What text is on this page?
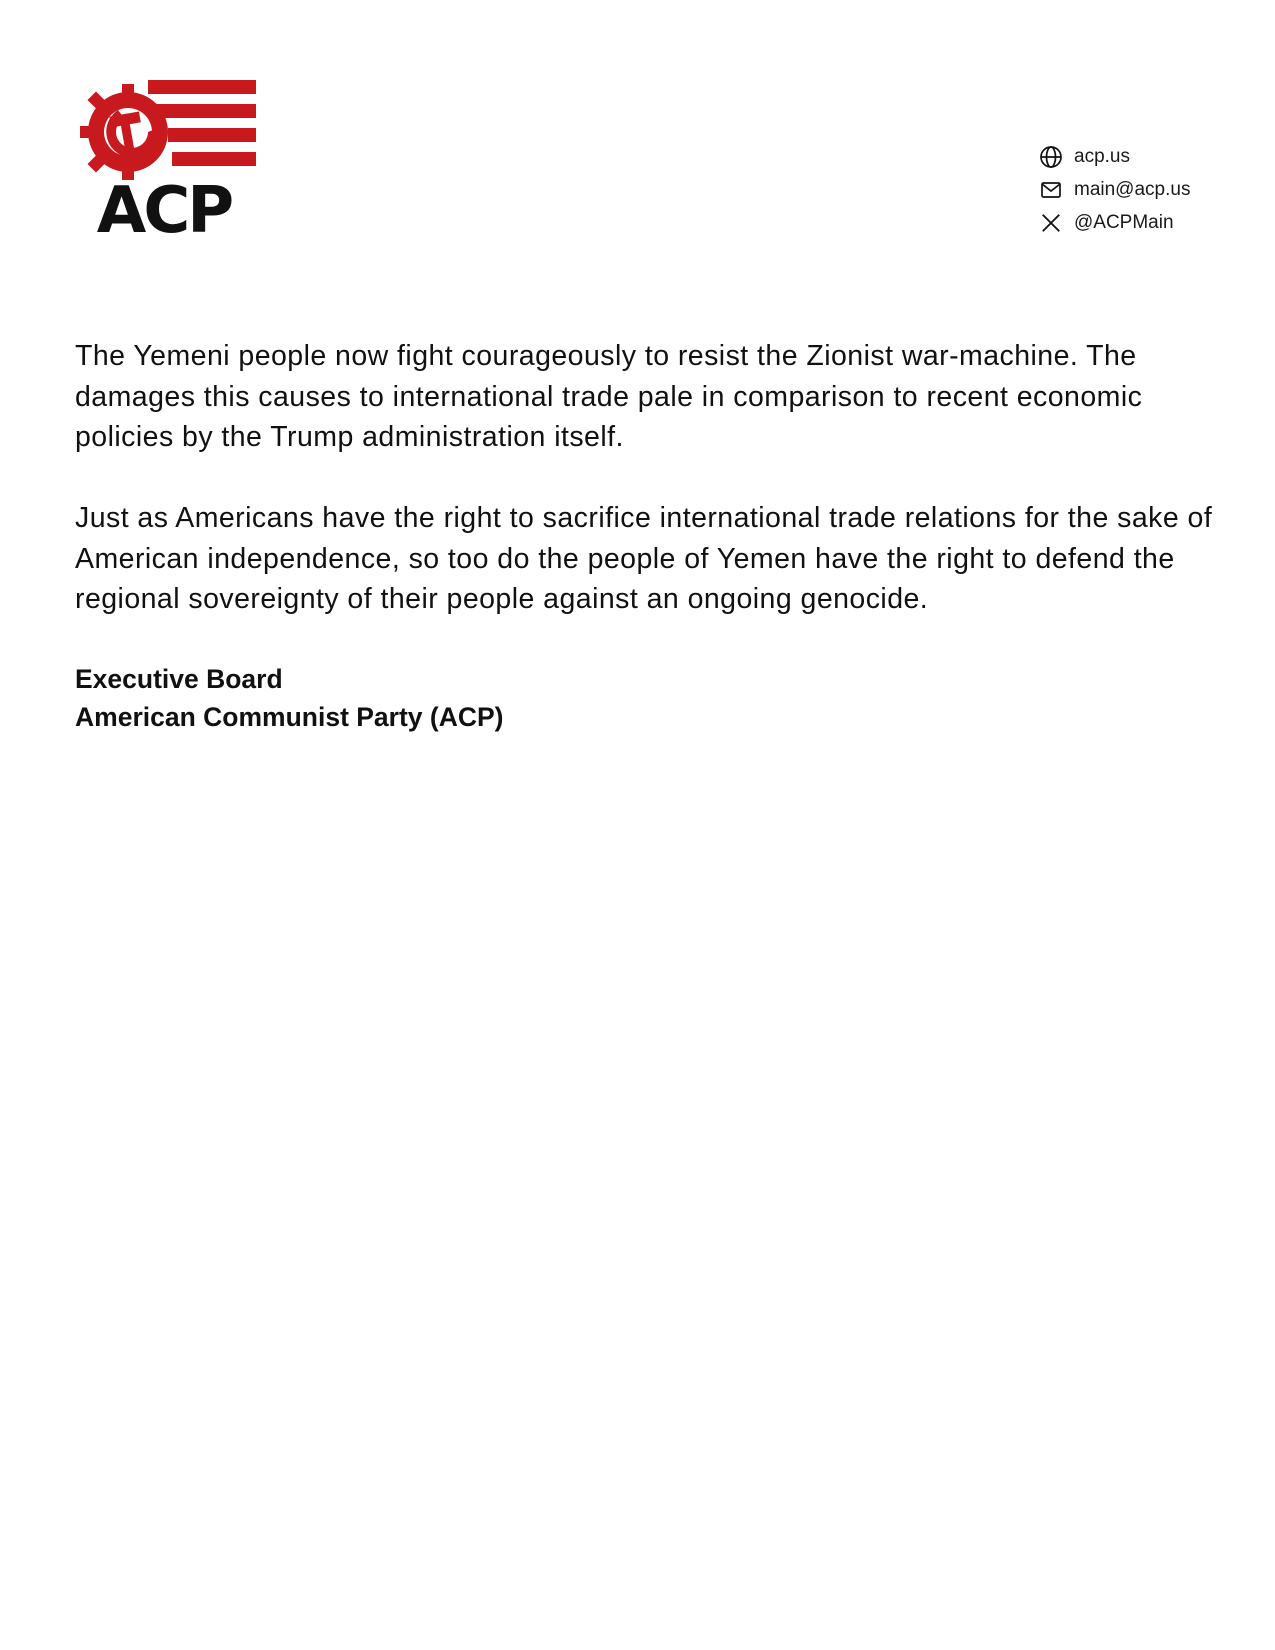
ACP
acp.us
main@acp.us
@ACPMain

The Yemeni people now fight courageously to resist the Zionist war-machine. The damages this causes to international trade pale in comparison to recent economic policies by the Trump administration itself.

Just as Americans have the right to sacrifice international trade relations for the sake of American independence, so too do the people of Yemen have the right to defend the regional sovereignty of their people against an ongoing genocide.

Executive Board
American Communist Party (ACP)
